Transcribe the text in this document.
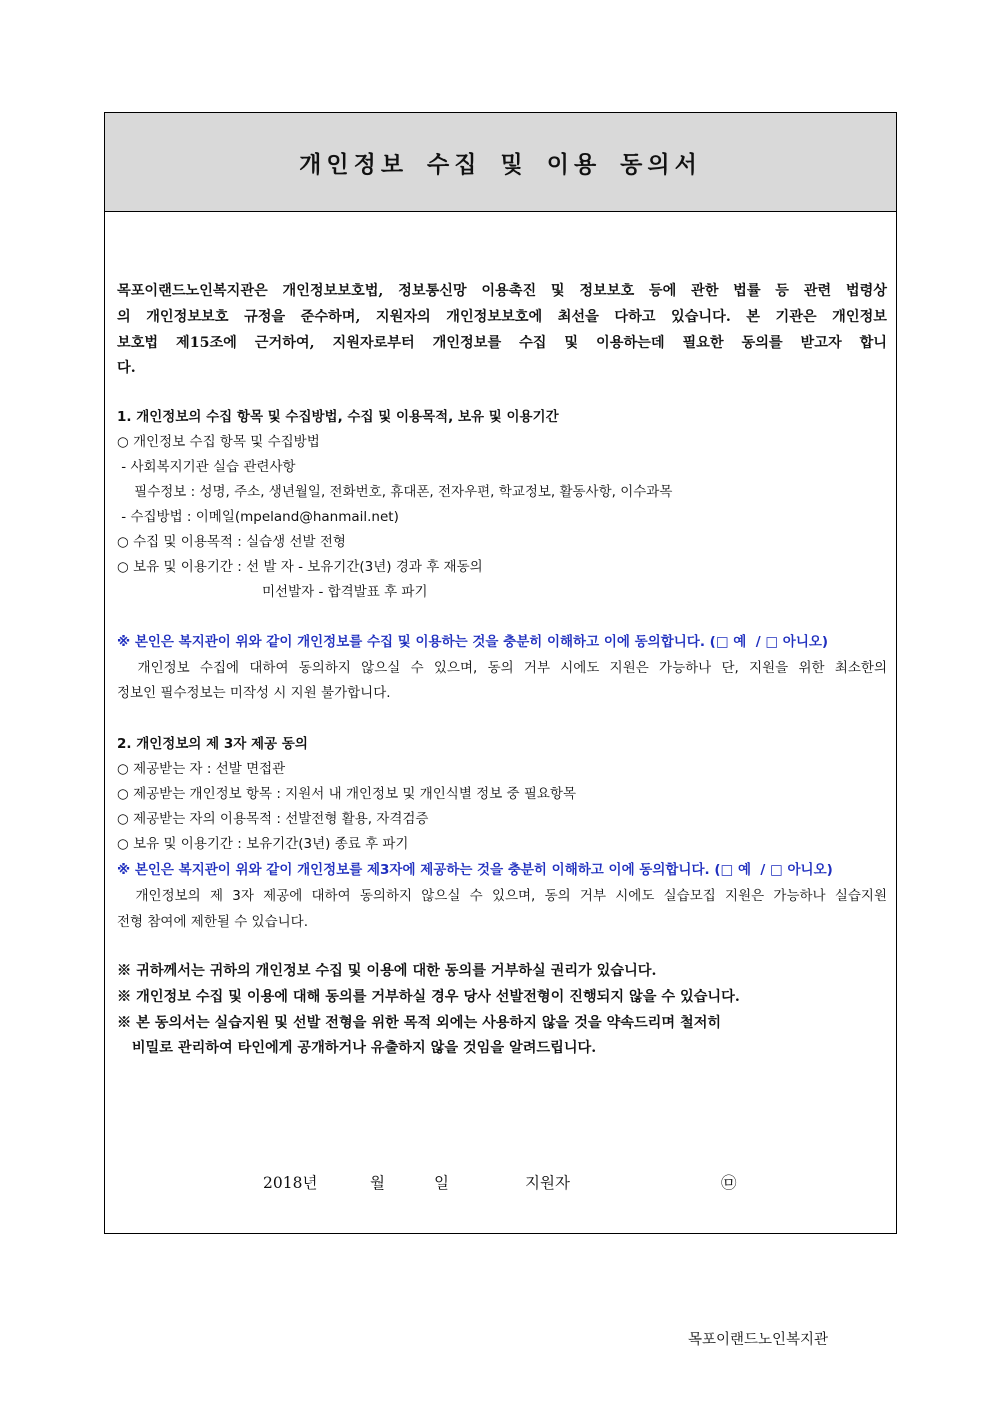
개인정보 수집 및 이용 동의서
목포이랜드노인복지관은 개인정보보호법, 정보통신망 이용촉진 및 정보보호 등에 관한 법률 등 관련 법령상
의 개인정보보호 규정을 준수하며, 지원자의 개인정보보호에 최선을 다하고 있습니다. 본 기관은 개인정보
보호법 제15조에 근거하여, 지원자로부터 개인정보를 수집 및 이용하는데 필요한 동의를 받고자 합니
다.
1. 개인정보의 수집 항목 및 수집방법, 수집 및 이용목적, 보유 및 이용기간
○ 개인정보 수집 항목 및 수집방법
- 사회복지기관 실습 관련사항
필수정보 : 성명, 주소, 생년월일, 전화번호, 휴대폰, 전자우편, 학교정보, 활동사항, 이수과목
- 수집방법 : 이메일(mpeland@hanmail.net)
○ 수집 및 이용목적 : 실습생 선발 전형
○ 보유 및 이용기간 : 선 발 자 - 보유기간(3년) 경과 후 재동의
미선발자 - 합격발표 후 파기
※ 본인은 복지관이 위와 같이 개인정보를 수집 및 이용하는 것을 충분히 이해하고 이에 동의합니다. (□ 예  / □ 아니오)
개인정보 수집에 대하여 동의하지 않으실 수 있으며, 동의 거부 시에도 지원은 가능하나 단, 지원을 위한 최소한의
정보인 필수정보는 미작성 시 지원 불가합니다.
2. 개인정보의 제 3자 제공 동의
○ 제공받는 자 : 선발 면접관
○ 제공받는 개인정보 항목 : 지원서 내 개인정보 및 개인식별 정보 중 필요항목
○ 제공받는 자의 이용목적 : 선발전형 활용, 자격검증
○ 보유 및 이용기간 : 보유기간(3년) 종료 후 파기
※ 본인은 복지관이 위와 같이 개인정보를 제3자에 제공하는 것을 충분히 이해하고 이에 동의합니다. (□ 예  / □ 아니오)
개인정보의 제 3자 제공에 대하여 동의하지 않으실 수 있으며, 동의 거부 시에도 실습모집 지원은 가능하나 실습지원
전형 참여에 제한될 수 있습니다.
※ 귀하께서는 귀하의 개인정보 수집 및 이용에 대한 동의를 거부하실 권리가 있습니다.
※ 개인정보 수집 및 이용에 대해 동의를 거부하실 경우 당사 선발전형이 진행되지 않을 수 있습니다.
※ 본 동의서는 실습지원 및 선발 전형을 위한 목적 외에는 사용하지 않을 것을 약속드리며 철저히
비밀로 관리하여 타인에게 공개하거나 유출하지 않을 것임을 알려드립니다.
2018년	월	일	지원자	㉤
목포이랜드노인복지관
